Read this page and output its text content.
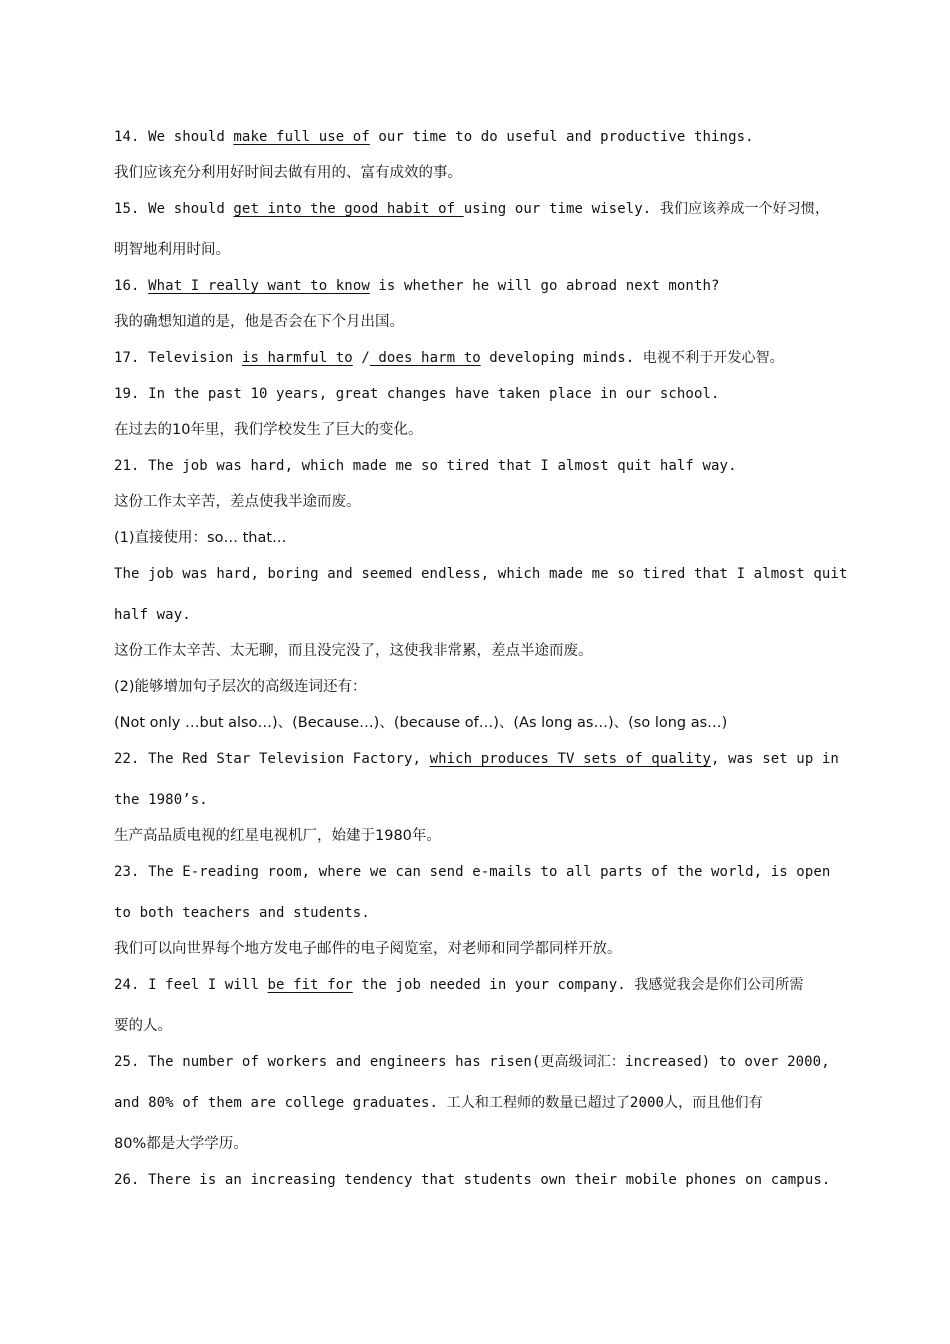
14. We should make full use of our time to do useful and productive things.
我们应该充分利用好时间去做有用的、富有成效的事。
15. We should get into the good habit of using our time wisely. 我们应该养成一个好习惯，
明智地利用时间。
16. What I really want to know is whether he will go abroad next month?
我的确想知道的是，他是否会在下个月出国。
17. Television is harmful to / does harm to developing minds. 电视不利于开发心智。
19. In the past 10 years, great changes have taken place in our school.
在过去的10年里，我们学校发生了巨大的变化。
21. The job was hard, which made me so tired that I almost quit half way.
这份工作太辛苦，差点使我半途而废。
(1)直接使用：so… that…
The job was hard, boring and seemed endless, which made me so tired that I almost quit
half way.
这份工作太辛苦、太无聊，而且没完没了，这使我非常累，差点半途而废。
(2)能够增加句子层次的高级连词还有：
(Not only …but also…)、(Because…)、(because of…)、(As long as…)、(so long as…)
22. The Red Star Television Factory, which produces TV sets of quality, was set up in
the 1980’s.
生产高品质电视的红星电视机厂，始建于1980年。
23. The E-reading room, where we can send e-mails to all parts of the world, is open
to both teachers and students.
我们可以向世界每个地方发电子邮件的电子阅览室，对老师和同学都同样开放。
24. I feel I will be fit for the job needed in your company. 我感觉我会是你们公司所需
要的人。
25. The number of workers and engineers has risen(更高级词汇：increased) to over 2000,
and 80% of them are college graduates. 工人和工程师的数量已超过了2000人，而且他们有
80%都是大学学历。
26. There is an increasing tendency that students own their mobile phones on campus.
